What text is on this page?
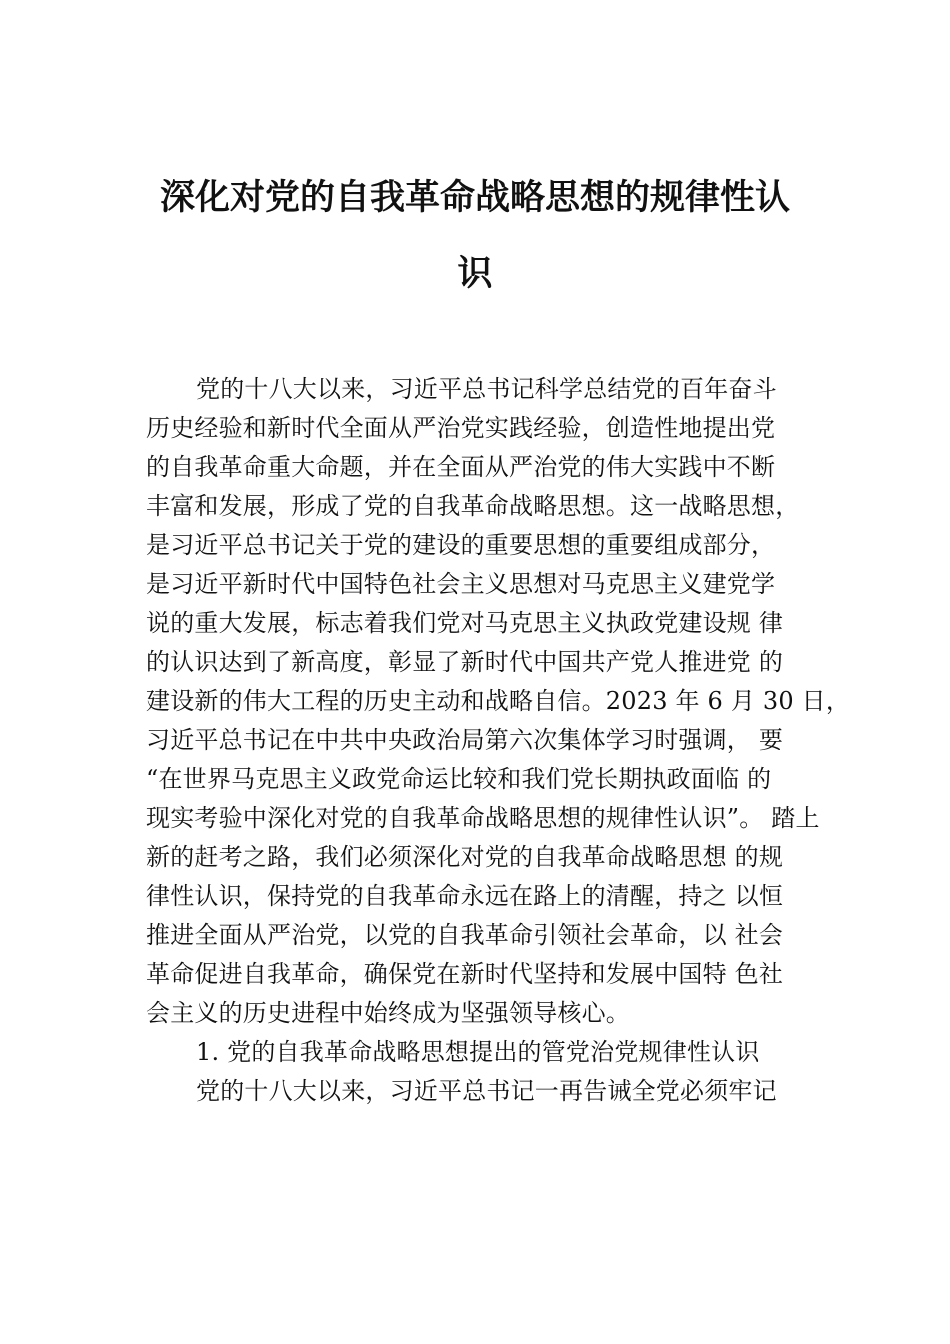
深化对党的自我革命战略思想的规律性认
识
党的十八大以来，习近平总书记科学总结党的百年奋斗
历史经验和新时代全面从严治党实践经验，创造性地提出党
的自我革命重大命题，并在全面从严治党的伟大实践中不断
丰富和发展，形成了党的自我革命战略思想。这一战略思想，
是习近平总书记关于党的建设的重要思想的重要组成部分，
是习近平新时代中国特色社会主义思想对马克思主义建党学
说的重大发展，标志着我们党对马克思主义执政党建设规 律
的认识达到了新高度，彰显了新时代中国共产党人推进党 的
建设新的伟大工程的历史主动和战略自信。2023 年 6 月 30 日，
习近平总书记在中共中央政治局第六次集体学习时强调， 要
“在世界马克思主义政党命运比较和我们党长期执政面临 的
现实考验中深化对党的自我革命战略思想的规律性认识”。 踏上
新的赶考之路，我们必须深化对党的自我革命战略思想 的规
律性认识，保持党的自我革命永远在路上的清醒，持之 以恒
推进全面从严治党，以党的自我革命引领社会革命，以 社会
革命促进自我革命，确保党在新时代坚持和发展中国特 色社
会主义的历史进程中始终成为坚强领导核心。
1. 党的自我革命战略思想提出的管党治党规律性认识
党的十八大以来，习近平总书记一再告诫全党必须牢记
